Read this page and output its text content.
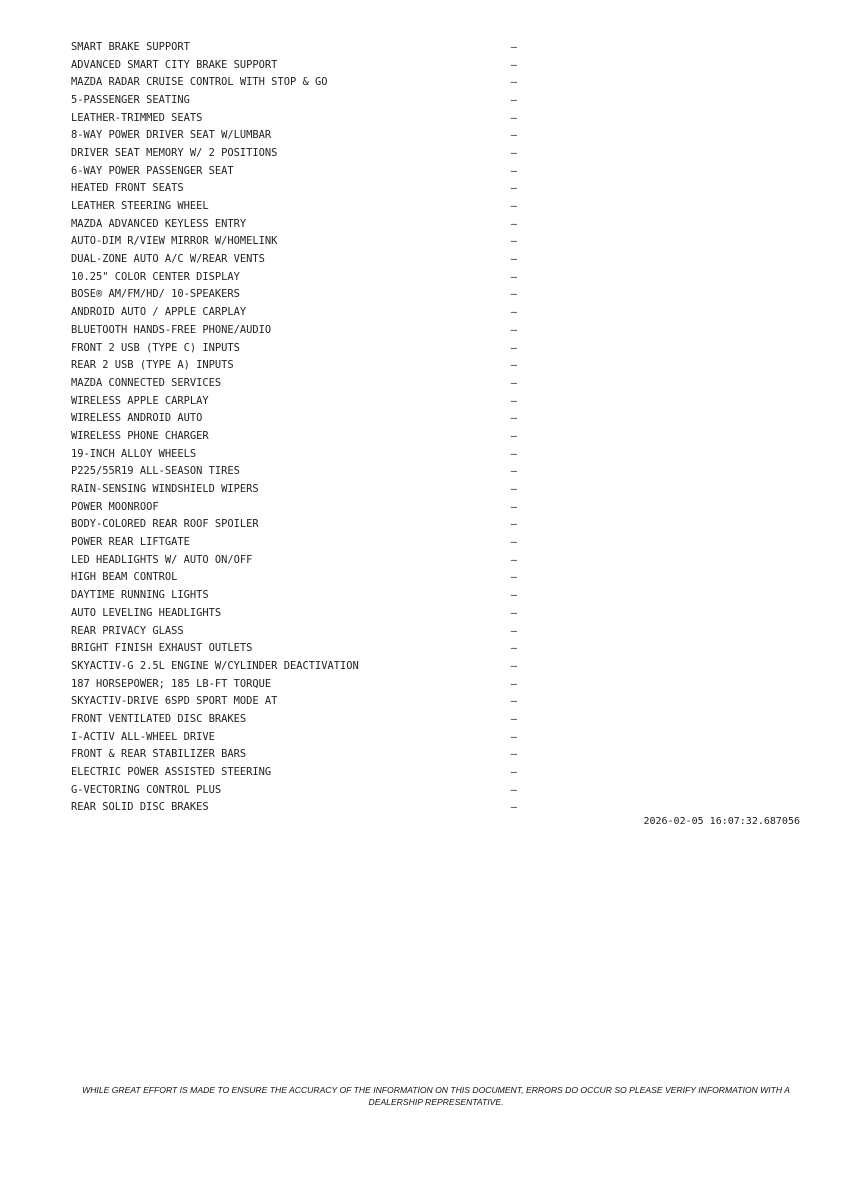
SMART BRAKE SUPPORT	—
ADVANCED SMART CITY BRAKE SUPPORT	—
MAZDA RADAR CRUISE CONTROL WITH STOP & GO	—
5-PASSENGER SEATING	—
LEATHER-TRIMMED SEATS	—
8-WAY POWER DRIVER SEAT W/LUMBAR	—
DRIVER SEAT MEMORY W/ 2 POSITIONS	—
6-WAY POWER PASSENGER SEAT	—
HEATED FRONT SEATS	—
LEATHER STEERING WHEEL	—
MAZDA ADVANCED KEYLESS ENTRY	—
AUTO-DIM R/VIEW MIRROR W/HOMELINK	—
DUAL-ZONE AUTO A/C W/REAR VENTS	—
10.25" COLOR CENTER DISPLAY	—
BOSE® AM/FM/HD/ 10-SPEAKERS	—
ANDROID AUTO / APPLE CARPLAY	—
BLUETOOTH HANDS-FREE PHONE/AUDIO	—
FRONT 2 USB (TYPE C) INPUTS	—
REAR 2 USB (TYPE A) INPUTS	—
MAZDA CONNECTED SERVICES	—
WIRELESS APPLE CARPLAY	—
WIRELESS ANDROID AUTO	—
WIRELESS PHONE CHARGER	—
19-INCH ALLOY WHEELS	—
P225/55R19 ALL-SEASON TIRES	—
RAIN-SENSING WINDSHIELD WIPERS	—
POWER MOONROOF	—
BODY-COLORED REAR ROOF SPOILER	—
POWER REAR LIFTGATE	—
LED HEADLIGHTS W/ AUTO ON/OFF	—
HIGH BEAM CONTROL	—
DAYTIME RUNNING LIGHTS	—
AUTO LEVELING HEADLIGHTS	—
REAR PRIVACY GLASS	—
BRIGHT FINISH EXHAUST OUTLETS	—
SKYACTIV-G 2.5L ENGINE W/CYLINDER DEACTIVATION	—
187 HORSEPOWER; 185 LB-FT TORQUE	—
SKYACTIV-DRIVE 6SPD SPORT MODE AT	—
FRONT VENTILATED DISC BRAKES	—
I-ACTIV ALL-WHEEL DRIVE	—
FRONT & REAR STABILIZER BARS	—
ELECTRIC POWER ASSISTED STEERING	—
G-VECTORING CONTROL PLUS	—
REAR SOLID DISC BRAKES	—
2026-02-05 16:07:32.687056
WHILE GREAT EFFORT IS MADE TO ENSURE THE ACCURACY OF THE INFORMATION ON THIS DOCUMENT, ERRORS DO OCCUR SO PLEASE VERIFY INFORMATION WITH A DEALERSHIP REPRESENTATIVE.
